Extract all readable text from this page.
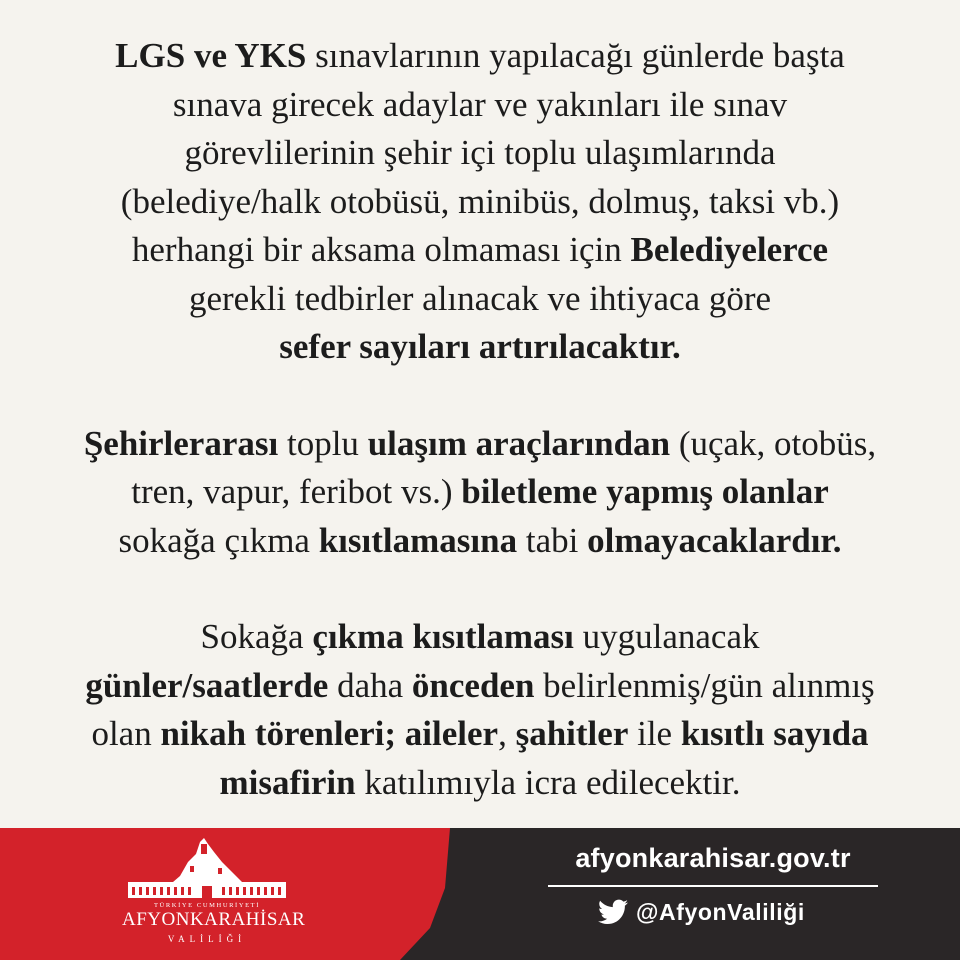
LGS ve YKS sınavlarının yapılacağı günlerde başta
sınava girecek adaylar ve yakınları ile sınav
görevlilerinin şehir içi toplu ulaşımlarında
(belediye/halk otobüsü, minibüs, dolmuş, taksi vb.)
herhangi bir aksama olmaması için Belediyelerce
gerekli tedbirler alınacak ve ihtiyaca göre
sefer sayıları artırılacaktır.
Şehirlerarası toplu ulaşım araçlarından (uçak, otobüs,
tren, vapur, feribot vs.) biletleme yapmış olanlar
sokağa çıkma kısıtlamasına tabi olmayacaklardır.
Sokağa çıkma kısıtlaması uygulanacak
günler/saatlerde daha önceden belirlenmiş/gün alınmış
olan nikah törenleri; aileler, şahitler ile kısıtlı sayıda
misafirin katılımıyla icra edilecektir.
TÜRKİYE CUMHURİYETİ
AFYONKARAHİSAR
VALİLİĞİ
afyonkarahisar.gov.tr
@AfyonValiliği
